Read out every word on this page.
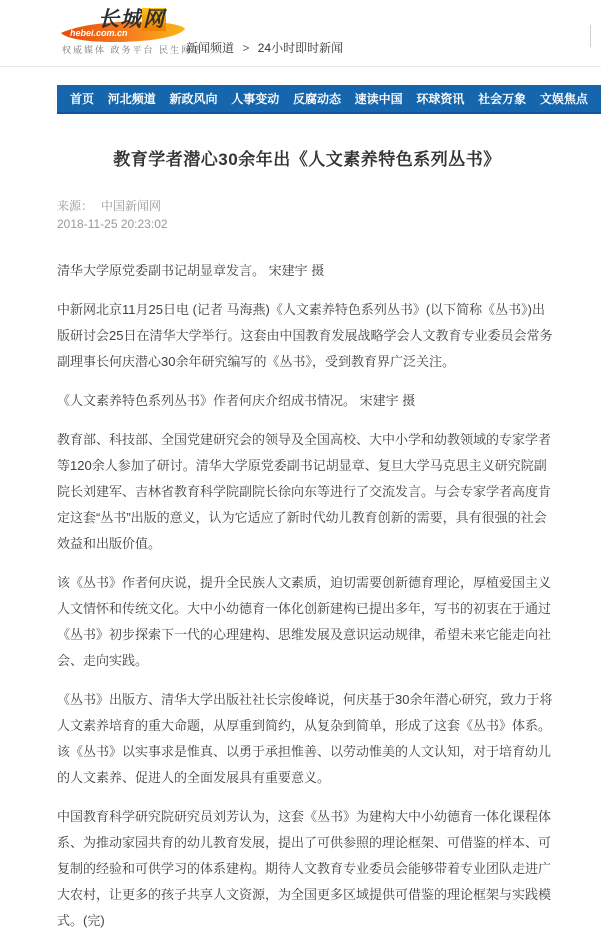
hebei.com.cn
长城网
权威媒体 政务平台 民生网站
新闻频道 > 24小时即时新闻
首页 河北频道 新政风向 人事变动 反腐动态 速读中国 环球资讯 社会万象 文娱焦点
教育学者潜心30余年出《人文素养特色系列丛书》
来源： 中国新闻网
2018-11-25 20:23:02

清华大学原党委副书记胡显章发言。 宋建宇 摄

中新网北京11月25日电 (记者 马海燕)《人文素养特色系列丛书》(以下简称《丛书》)出版研讨会25日在清华大学举行。这套由中国教育发展战略学会人文教育专业委员会常务副理事长何庆潜心30余年研究编写的《丛书》，受到教育界广泛关注。

《人文素养特色系列丛书》作者何庆介绍成书情况。 宋建宇 摄

教育部、科技部、全国党建研究会的领导及全国高校、大中小学和幼教领域的专家学者等120余人参加了研讨。清华大学原党委副书记胡显章、复旦大学马克思主义研究院副院长刘建军、吉林省教育科学院副院长徐向东等进行了交流发言。与会专家学者高度肯定这套“丛书”出版的意义，认为它适应了新时代幼儿教育创新的需要，具有很强的社会效益和出版价值。

该《丛书》作者何庆说，提升全民族人文素质，迫切需要创新德育理论，厚植爱国主义人文情怀和传统文化。大中小幼德育一体化创新建构已提出多年，写书的初衷在于通过《丛书》初步探索下一代的心理建构、思维发展及意识运动规律，希望未来它能走向社会、走向实践。

《丛书》出版方、清华大学出版社社长宗俊峰说，何庆基于30余年潜心研究，致力于将人文素养培育的重大命题，从厚重到简约，从复杂到简单，形成了这套《丛书》体系。该《丛书》以实事求是惟真、以勇于承担惟善、以劳动惟美的人文认知，对于培育幼儿的人文素养、促进人的全面发展具有重要意义。

中国教育科学研究院研究员刘芳认为，这套《丛书》为建构大中小幼德育一体化课程体系、为推动家园共育的幼儿教育发展，提出了可供参照的理论框架、可借鉴的样本、可复制的经验和可供学习的体系建构。期待人文教育专业委员会能够带着专业团队走进广大农村，让更多的孩子共享人文资源，为全国更多区域提供可借鉴的理论框架与实践模式。(完)
